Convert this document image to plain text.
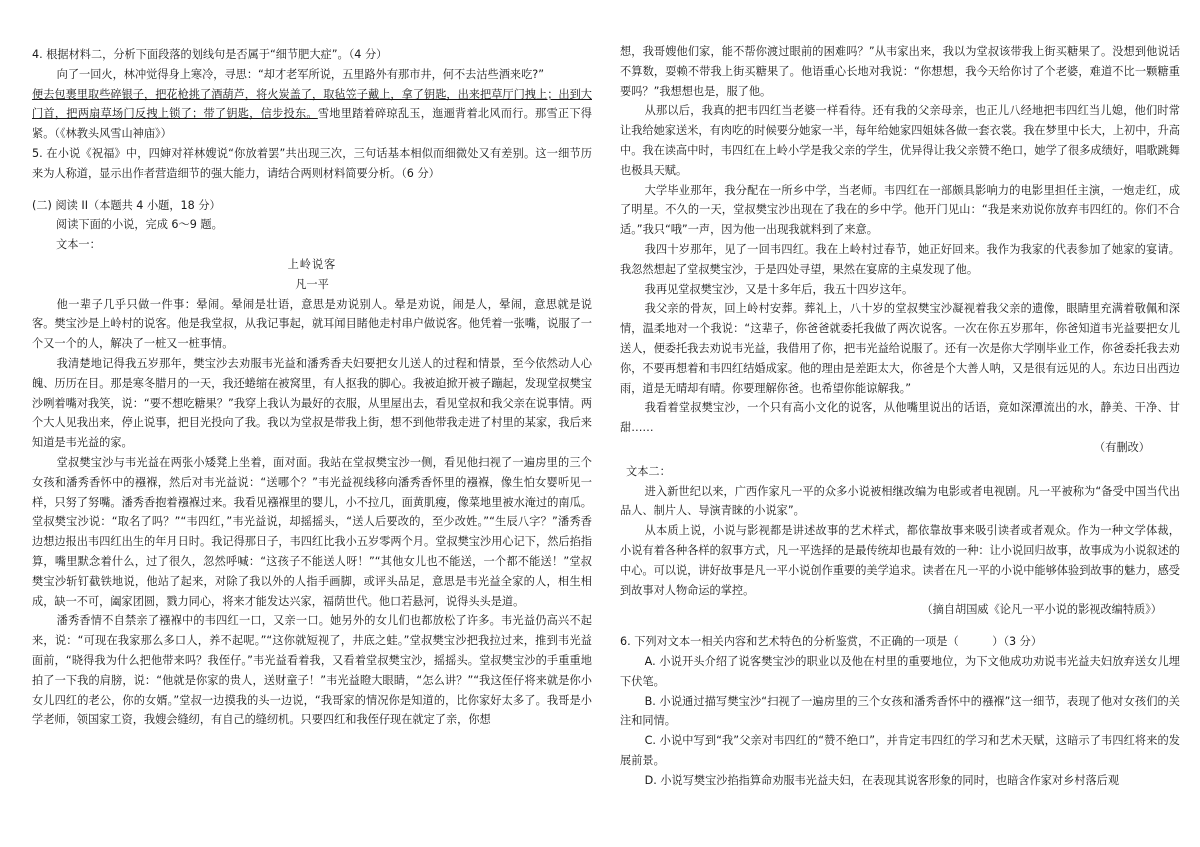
4. 根据材料二，分析下面段落的划线句是否属于“细节肥大症”。（4 分）

向了一回火，林冲觉得身上寒冷，寻思：“却才老军所说，五里路外有那市井，何不去沽些酒来吃?”

便去包裹里取些碎银子，把花枪挑了酒葫芦，将火炭盖了，取毡笠子戴上，拿了钥匙，出来把草厅门拽上；出到大门首，把两扇草场门反拽上锁了；带了钥匙，信步投东。雪地里踏着碎琼乱玉，迤逦背着北风而行。那雪正下得紧。（《林教头风雪山神庙》）

5. 在小说《祝福》中，四婶对祥林嫂说“你放着罢”共出现三次，三句话基本相似而细微处又有差别。这一细节历来为人称道，显示出作者营造细节的强大能力，请结合两则材料简要分析。（6 分）

(二) 阅读 II（本题共 4 小题，18 分）

阅读下面的小说，完成 6～9 题。

文本一：

上岭说客

凡一平

他一辈子几乎只做一件事：晕闹。晕闹是壮语，意思是劝说别人。晕是劝说，闹是人，晕闹，意思就是说客。樊宝沙是上岭村的说客。他是我堂叔，从我记事起，就耳闻目睹他走村串户做说客。他凭着一张嘴，说服了一个又一个的人，解决了一桩又一桩事情。

我清楚地记得我五岁那年，樊宝沙去劝服韦光益和潘秀香夫妇要把女儿送人的过程和情景，至今依然动人心魄、历历在目。那是寒冬腊月的一天，我还蜷缩在被窝里，有人抠我的脚心。我被迫掀开被子蹦起，发现堂叔樊宝沙咧着嘴对我笑，说：“要不想吃糖果？”我穿上我认为最好的衣服，从里屋出去，看见堂叔和我父亲在说事情。两个大人见我出来，停止说事，把目光投向了我。我以为堂叔是带我上街，想不到他带我走进了村里的某家，我后来知道是韦光益的家。

堂叔樊宝沙与韦光益在两张小矮凳上坐着，面对面。我站在堂叔樊宝沙一侧，看见他扫视了一遍房里的三个女孩和潘秀香怀中的襁褓，然后对韦光益说：“送哪个？”韦光益视线移向潘秀香怀里的襁褓，像生怕女婴听见一样，只努了努嘴。潘秀香抱着襁褓过来。我看见襁褓里的婴儿，小不拉几，面黄肌瘦，像菜地里被水淹过的南瓜。堂叔樊宝沙说：“取名了吗？”“韦四红，”韦光益说，却摇摇头，“送人后要改的，至少改姓。”“生辰八字？”潘秀香边想边报出韦四红出生的年月日时。我记得那日子，韦四红比我小五岁零两个月。堂叔樊宝沙用心记下，然后掐指算，嘴里默念着什么，过了很久，忽然呼喊：“这孩子不能送人呀！”“其他女儿也不能送，一个都不能送！”堂叔樊宝沙斩钉截铁地说，他站了起来，对除了我以外的人指手画脚，或评头品足，意思是韦光益全家的人，相生相成，缺一不可，阖家团圆，戮力同心，将来才能发达兴家，福荫世代。他口若悬河，说得头头是道。

潘秀香情不自禁亲了襁褓中的韦四红一口，又亲一口。她另外的女儿们也都放松了许多。韦光益仍高兴不起来，说：“可现在我家那么多口人，养不起呢。”“这你就短视了，井底之蛙。”堂叔樊宝沙把我拉过来，推到韦光益面前，“晓得我为什么把他带来吗？我侄仔。”韦光益看着我，又看着堂叔樊宝沙，摇摇头。堂叔樊宝沙的手重重地拍了一下我的肩膀，说：“他就是你家的贵人，送财童子！”韦光益瞪大眼睛，“怎么讲？”“我这侄仔将来就是你小女儿四红的老公，你的女婿。”堂叔一边摸我的头一边说，“我哥家的情况你是知道的，比你家好太多了。我哥是小学老师，领国家工资，我嫂会缝纫，有自己的缝纫机。只要四红和我侄仔现在就定了亲，你想

想，我哥嫂他们家，能不帮你渡过眼前的困难吗？”从韦家出来，我以为堂叔该带我上街买糖果了。没想到他说话不算数，耍赖不带我上街买糖果了。他语重心长地对我说：“你想想，我今天给你讨了个老婆，难道不比一颗糖重要吗？”我想想也是，服了他。

从那以后，我真的把韦四红当老婆一样看待。还有我的父亲母亲，也正儿八经地把韦四红当儿媳，他们时常让我给她家送米，有肉吃的时候要分她家一半，每年给她家四姐妹各做一套衣裳。我在梦里中长大，上初中，升高中。我在读高中时，韦四红在上岭小学是我父亲的学生，优异得让我父亲赞不绝口，她学了很多成绩好，唱歌跳舞也极具天赋。

大学毕业那年，我分配在一所乡中学，当老师。韦四红在一部颇具影响力的电影里担任主演，一炮走红，成了明星。不久的一天，堂叔樊宝沙出现在了我在的乡中学。他开门见山：“我是来劝说你放弃韦四红的。你们不合适。”我只“哦”一声，因为他一出现我就料到了来意。

我四十岁那年，见了一回韦四红。我在上岭村过春节，她正好回来。我作为我家的代表参加了她家的宴请。我忽然想起了堂叔樊宝沙，于是四处寻望，果然在宴席的主桌发现了他。

我再见堂叔樊宝沙，又是十多年后，我五十四岁这年。

我父亲的骨灰，回上岭村安葬。葬礼上，八十岁的堂叔樊宝沙凝视着我父亲的遗像，眼睛里充满着敬佩和深情，温柔地对一个我说：“这辈子，你爸爸就委托我做了两次说客。一次在你五岁那年，你爸知道韦光益要把女儿送人，便委托我去劝说韦光益，我借用了你，把韦光益给说服了。还有一次是你大学刚毕业工作，你爸委托我去劝你，不要再想着和韦四红结婚成家。他的理由是差距太大，你爸是个大善人呐，又是很有远见的人。东边日出西边雨，道是无晴却有晴。你要理解你爸。也希望你能谅解我。”

我看着堂叔樊宝沙，一个只有高小文化的说客，从他嘴里说出的话语，竟如深潭流出的水，静美、干净、甘甜……

（有删改）

文本二：

进入新世纪以来，广西作家凡一平的众多小说被相继改编为电影或者电视剧。凡一平被称为“备受中国当代出品人、制片人、导演青睐的小说家”。

从本质上说，小说与影视都是讲述故事的艺术样式，都依靠故事来吸引读者或者观众。作为一种文学体裁，小说有着各种各样的叙事方式，凡一平选择的是最传统却也最有效的一种：让小说回归故事，故事成为小说叙述的中心。可以说，讲好故事是凡一平小说创作重要的美学追求。读者在凡一平的小说中能够体验到故事的魅力，感受到故事对人物命运的掌控。

（摘自胡国威《论凡一平小说的影视改编特质》）

6. 下列对文本一相关内容和艺术特色的分析鉴赏，不正确的一项是（　　　）（3 分）

A. 小说开头介绍了说客樊宝沙的职业以及他在村里的重要地位，为下文他成功劝说韦光益夫妇放弃送女儿埋下伏笔。

B. 小说通过描写樊宝沙“扫视了一遍房里的三个女孩和潘秀香怀中的襁褓”这一细节，表现了他对女孩们的关注和同情。

C. 小说中写到“我”父亲对韦四红的“赞不绝口”，并肯定韦四红的学习和艺术天赋，这暗示了韦四红将来的发展前景。

D. 小说写樊宝沙掐指算命劝服韦光益夫妇，在表现其说客形象的同时，也暗含作家对乡村落后观
